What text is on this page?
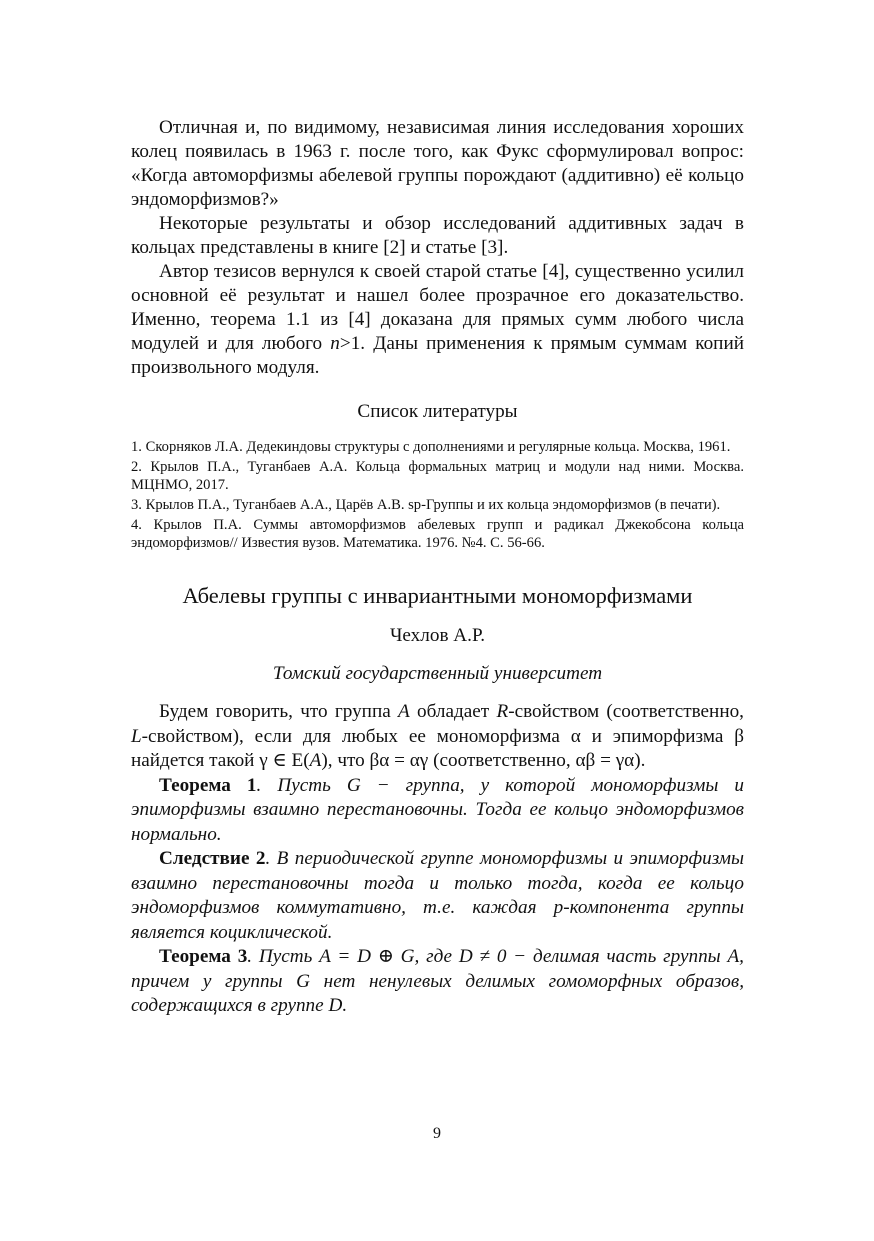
Отличная и, по видимому, независимая линия исследования хороших колец появилась в 1963 г. после того, как Фукс сформулировал вопрос: «Когда автоморфизмы абелевой группы порождают (аддитивно) её кольцо эндоморфизмов?»

Некоторые результаты и обзор исследований аддитивных задач в кольцах представлены в книге [2] и статье [3].

Автор тезисов вернулся к своей старой статье [4], существенно усилил основной её результат и нашел более прозрачное его доказательство. Именно, теорема 1.1 из [4] доказана для прямых сумм любого числа модулей и для любого n>1. Даны применения к прямым суммам копий произвольного модуля.

Список литературы

1. Скорняков Л.А. Дедекиндовы структуры с дополнениями и регулярные кольца. Москва, 1961.

2. Крылов П.А., Туганбаев А.А. Кольца формальных матриц и модули над ними. Москва. МЦНМО, 2017.

3. Крылов П.А., Туганбаев А.А., Царёв А.В. sp-Группы и их кольца эндоморфизмов (в печати).

4. Крылов П.А. Суммы автоморфизмов абелевых групп и радикал Джекобсона кольца эндоморфизмов// Известия вузов. Математика. 1976. №4. С. 56-66.

Абелевы группы с инвариантными мономорфизмами
Чехлов А.Р.
Томский государственный университет

Будем говорить, что группа A обладает R-свойством (соответственно, L-свойством), если для любых ее мономорфизма α и эпиморфизма β найдется такой γ ∈ E(A), что βα = αγ (соответственно, αβ = γα).

Теорема 1. Пусть G − группа, у которой мономорфизмы и эпиморфизмы взаимно перестановочны. Тогда ее кольцо эндоморфизмов нормально.

Следствие 2. В периодической группе мономорфизмы и эпиморфизмы взаимно перестановочны тогда и только тогда, когда ее кольцо эндоморфизмов коммутативно, т.е. каждая p-компонента группы является коциклической.

Теорема 3. Пусть A = D ⊕ G, где D ≠ 0 − делимая часть группы A, причем у группы G нет ненулевых делимых гомоморфных образов, содержащихся в группе D.

9
